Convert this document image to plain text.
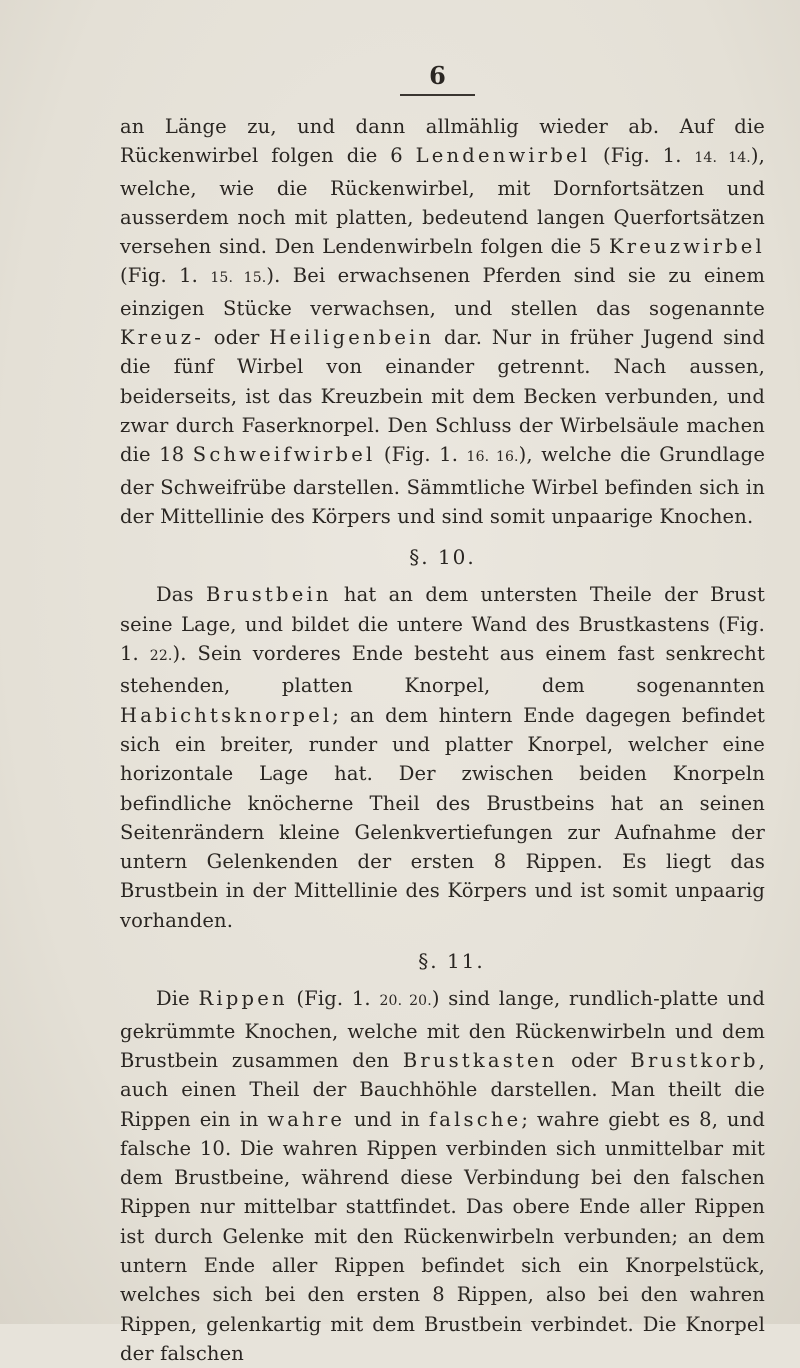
6

an Länge zu, und dann allmählig wieder ab. Auf die Rückenwirbel folgen die 6 Lendenwirbel (Fig. 1. 14. 14.), welche, wie die Rückenwirbel, mit Dornfortsätzen und ausserdem noch mit platten, bedeutend langen Querfortsätzen versehen sind. Den Lendenwirbeln folgen die 5 Kreuzwirbel (Fig. 1. 15. 15.). Bei erwachsenen Pferden sind sie zu einem einzigen Stücke verwachsen, und stellen das sogenannte Kreuz- oder Heiligenbein dar. Nur in früher Jugend sind die fünf Wirbel von einander getrennt. Nach aussen, beiderseits, ist das Kreuzbein mit dem Becken verbunden, und zwar durch Faserknorpel. Den Schluss der Wirbelsäule machen die 18 Schweifwirbel (Fig. 1. 16. 16.), welche die Grundlage der Schweifrübe darstellen. Sämmtliche Wirbel befinden sich in der Mittellinie des Körpers und sind somit unpaarige Knochen.

§. 10.

Das Brustbein hat an dem untersten Theile der Brust seine Lage, und bildet die untere Wand des Brustkastens (Fig. 1. 22.). Sein vorderes Ende besteht aus einem fast senkrecht stehenden, platten Knorpel, dem sogenannten Habichtsknorpel; an dem hintern Ende dagegen befindet sich ein breiter, runder und platter Knorpel, welcher eine horizontale Lage hat. Der zwischen beiden Knorpeln befindliche knöcherne Theil des Brustbeins hat an seinen Seitenrändern kleine Gelenkvertiefungen zur Aufnahme der untern Gelenkenden der ersten 8 Rippen. Es liegt das Brustbein in der Mittellinie des Körpers und ist somit unpaarig vorhanden.

§. 11.

Die Rippen (Fig. 1. 20. 20.) sind lange, rundlich-platte und gekrümmte Knochen, welche mit den Rückenwirbeln und dem Brustbein zusammen den Brustkasten oder Brustkorb, auch einen Theil der Bauchhöhle darstellen. Man theilt die Rippen ein in wahre und in falsche; wahre giebt es 8, und falsche 10. Die wahren Rippen verbinden sich unmittelbar mit dem Brustbeine, während diese Verbindung bei den falschen Rippen nur mittelbar stattfindet. Das obere Ende aller Rippen ist durch Gelenke mit den Rückenwirbeln verbunden; an dem untern Ende aller Rippen befindet sich ein Knorpelstück, welches sich bei den ersten 8 Rippen, also bei den wahren Rippen, gelenkartig mit dem Brustbein verbindet. Die Knorpel der falschen
